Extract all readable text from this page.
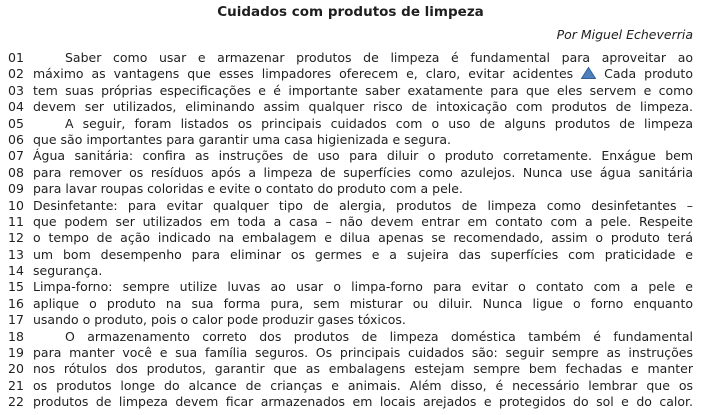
Cuidados com produtos de limpeza
Por Miguel Echeverria
01	Saber como usar e armazenar produtos de limpeza é fundamental para aproveitar ao
02 máximo as vantagens que esses limpadores oferecem e, claro, evitar acidentes Cada produto
03 tem suas próprias especificações e é importante saber exatamente para que eles servem e como
04 devem ser utilizados, eliminando assim qualquer risco de intoxicação com produtos de limpeza.
05	A seguir, foram listados os principais cuidados com o uso de alguns produtos de limpeza
06 que são importantes para garantir uma casa higienizada e segura.
07 Água sanitária: confira as instruções de uso para diluir o produto corretamente. Enxágue bem
08 para remover os resíduos após a limpeza de superfícies como azulejos. Nunca use água sanitária
09 para lavar roupas coloridas e evite o contato do produto com a pele.
10 Desinfetante: para evitar qualquer tipo de alergia, produtos de limpeza como desinfetantes –
11 que podem ser utilizados em toda a casa – não devem entrar em contato com a pele. Respeite
12 o tempo de ação indicado na embalagem e dilua apenas se recomendado, assim o produto terá
13 um bom desempenho para eliminar os germes e a sujeira das superfícies com praticidade e
14 segurança.
15 Limpa-forno: sempre utilize luvas ao usar o limpa-forno para evitar o contato com a pele e
16 aplique o produto na sua forma pura, sem misturar ou diluir. Nunca ligue o forno enquanto
17 usando o produto, pois o calor pode produzir gases tóxicos.
18	O armazenamento correto dos produtos de limpeza doméstica também é fundamental
19 para manter você e sua família seguros. Os principais cuidados são: seguir sempre as instruções
20 nos rótulos dos produtos, garantir que as embalagens estejam sempre bem fechadas e manter
21 os produtos longe do alcance de crianças e animais. Além disso, é necessário lembrar que os
22 produtos de limpeza devem ficar armazenados em locais arejados e protegidos do sol e do calor.
